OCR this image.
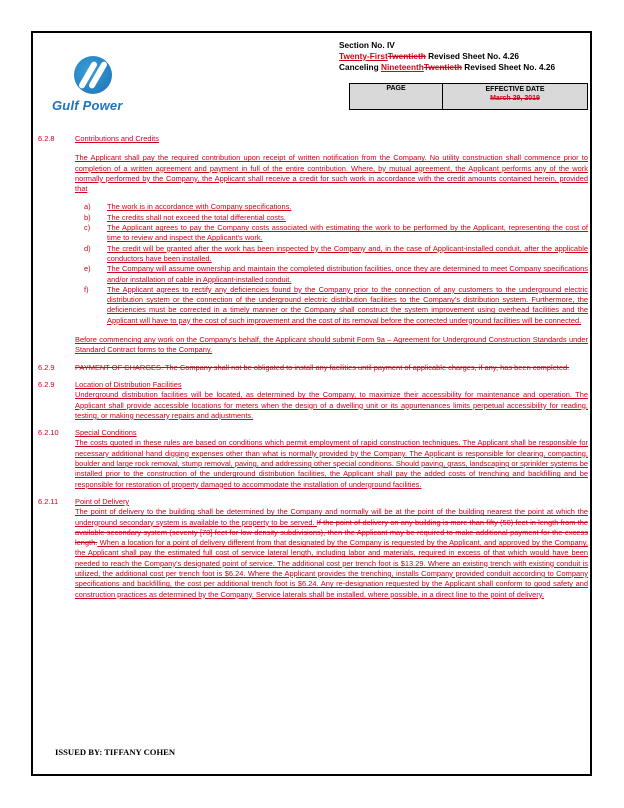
Gulf Power
Section No. IV
Twenty-FirstTwentieth Revised Sheet No. 4.26
Canceling NineteenthTwentieth Revised Sheet No. 4.26
PAGE	EFFECTIVE DATE
March 29, 2019
6.2.8	Contributions and Credits
The Applicant shall pay the required contribution upon receipt of written notification from the Company. No utility construction shall commence prior to completion of a written agreement and payment in full of the entire contribution. Where, by mutual agreement, the Applicant performs any of the work normally performed by the Company, the Applicant shall receive a credit for such work in accordance with the credit amounts contained herein, provided that
a) The work is in accordance with Company specifications.
b) The credits shall not exceed the total differential costs.
c) The Applicant agrees to pay the Company costs associated with estimating the work to be performed by the Applicant, representing the cost of time to review and inspect the Applicant's work.
d) The credit will be granted after the work has been inspected by the Company and, in the case of Applicant-installed conduit, after the applicable conductors have been installed.
e) The Company will assume ownership and maintain the completed distribution facilities, once they are determined to meet Company specifications and/or installation of cable in Applicant-installed conduit.
f) The Applicant agrees to rectify any deficiencies found by the Company prior to the connection of any customers to the underground electric distribution system or the connection of the underground electric distribution facilities to the Company's distribution system. Furthermore, the deficiencies must be corrected in a timely manner or the Company shall construct the system improvement using overhead facilities and the Applicant will have to pay the cost of such improvement and the cost of its removal before the corrected underground facilities will be connected.
Before commencing any work on the Company's behalf, the Applicant should submit Form 9a – Agreement for Underground Construction Standards under Standard Contract forms to the Company.
6.2.9	PAYMENT OF CHARGES. The Company shall not be obligated to install any facilities until payment of applicable charges, if any, has been completed.
6.2.9	Location of Distribution Facilities
Underground distribution facilities will be located, as determined by the Company, to maximize their accessibility for maintenance and operation. The Applicant shall provide accessible locations for meters when the design of a dwelling unit or its appurtenances limits perpetual accessibility for reading, testing, or making necessary repairs and adjustments.
6.2.10	Special Conditions
The costs quoted in these rules are based on conditions which permit employment of rapid construction techniques. The Applicant shall be responsible for necessary additional hand digging expenses other than what is normally provided by the Company. The Applicant is responsible for clearing, compacting, boulder and large rock removal, stump removal, paving, and addressing other special conditions. Should paving, grass, landscaping or sprinkler systems be installed prior to the construction of the underground distribution facilities, the Applicant shall pay the added costs of trenching and backfilling and be responsible for restoration of property damaged to accommodate the installation of underground facilities.
6.2.11	Point of Delivery
The point of delivery to the building shall be determined by the Company and normally will be at the point of the building nearest the point at which the underground secondary system is available to the property to be served. If the point of delivery on any building is more than fifty (50) feet in length from the available secondary system (seventy [70] feet for low density subdivisions), then the Applicant may be required to make additional payment for the excess length. When a location for a point of delivery different from that designated by the Company is requested by the Applicant, and approved by the Company, the Applicant shall pay the estimated full cost of service lateral length, including labor and materials, required in excess of that which would have been needed to reach the Company's designated point of service. The additional cost per trench foot is $13.29. Where an existing trench with existing conduit is utilized, the additional cost per trench foot is $6.24. Where the Applicant provides the trenching, installs Company provided conduit according to Company specifications and backfilling, the cost per additional trench foot is $6.24. Any re-designation requested by the Applicant shall conform to good safety and construction practices as determined by the Company. Service laterals shall be installed, where possible, in a direct line to the point of delivery.
ISSUED BY: TIFFANY COHEN
